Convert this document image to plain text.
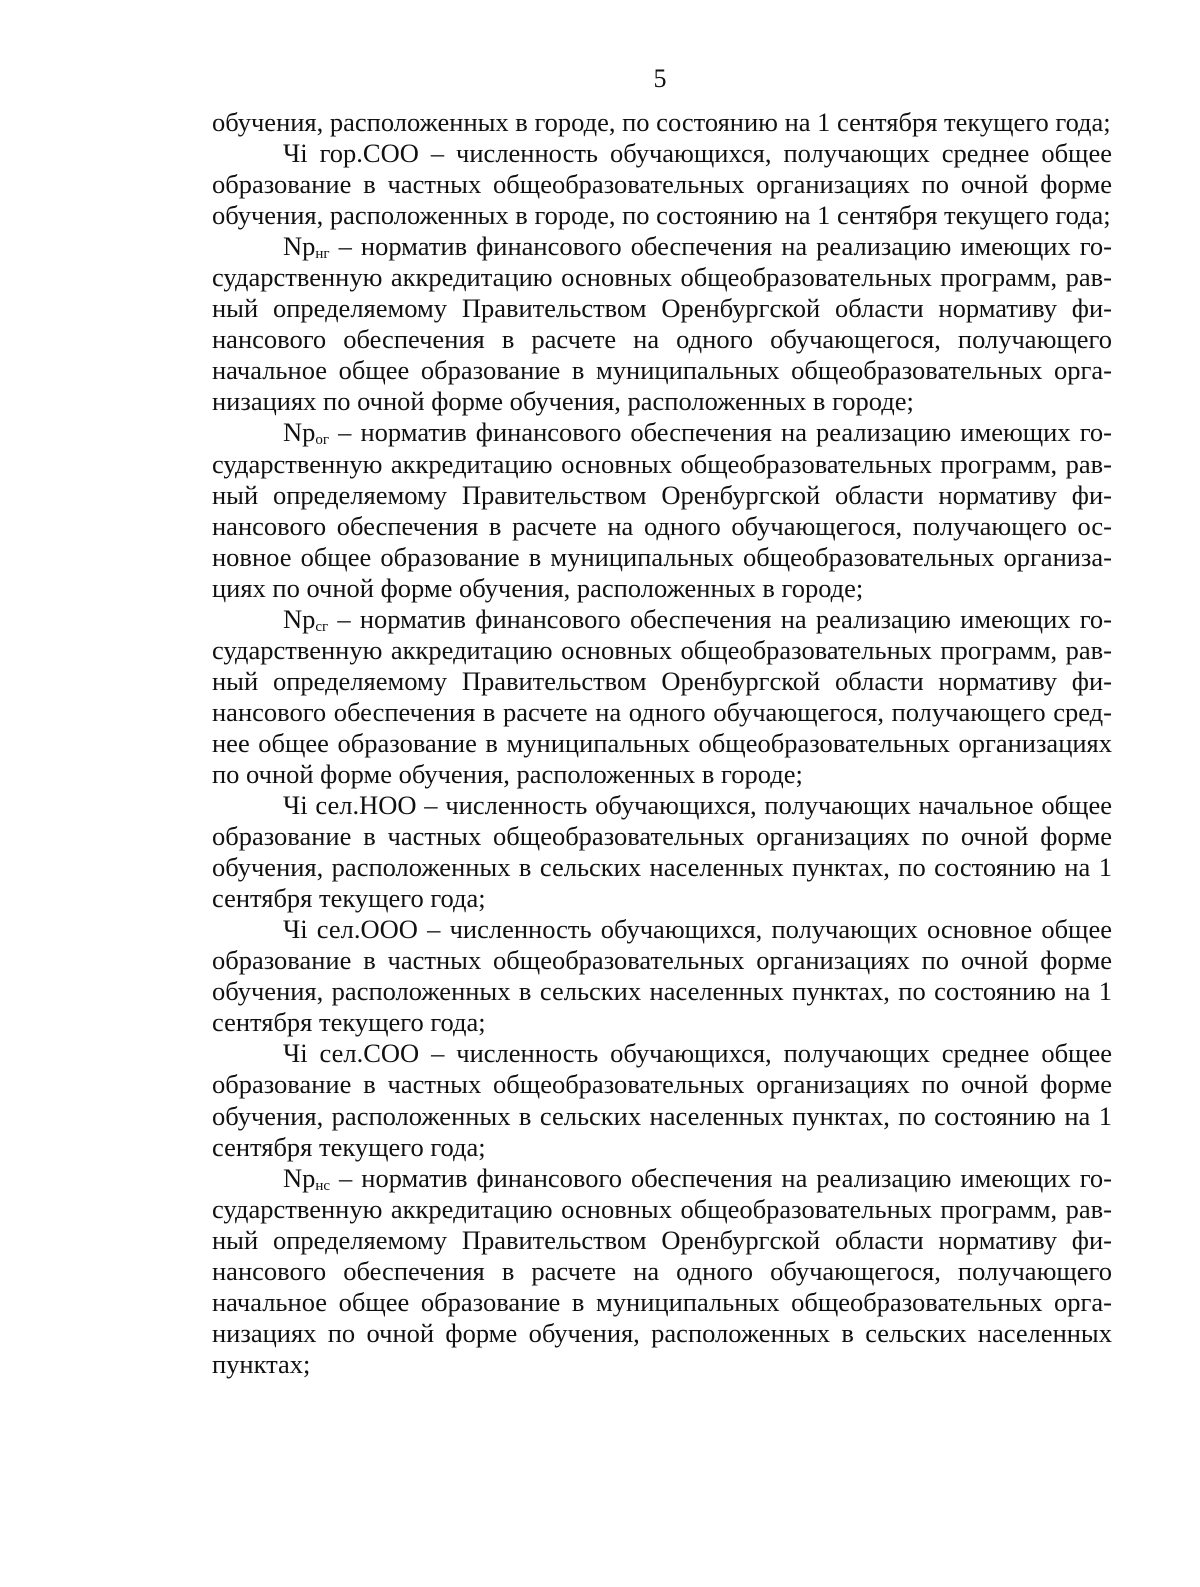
5

обучения, расположенных в городе, по состоянию на 1 сентября текущего года;

Чi гор.СОО – численность обучающихся, получающих среднее общее образование в частных общеобразовательных организациях по очной форме обучения, расположенных в городе, по состоянию на 1 сентября текущего года;

$Np_{нг}$ – норматив финансового обеспечения на реализацию имеющих государственную аккредитацию основных общеобразовательных программ, равный определяемому Правительством Оренбургской области нормативу финансового обеспечения в расчете на одного обучающегося, получающего начальное общее образование в муниципальных общеобразовательных организациях по очной форме обучения, расположенных в городе;

$Np_{ог}$ – норматив финансового обеспечения на реализацию имеющих государственную аккредитацию основных общеобразовательных программ, равный определяемому Правительством Оренбургской области нормативу финансового обеспечения в расчете на одного обучающегося, получающего основное общее образование в муниципальных общеобразовательных организациях по очной форме обучения, расположенных в городе;

$Np_{сг}$ – норматив финансового обеспечения на реализацию имеющих государственную аккредитацию основных общеобразовательных программ, равный определяемому Правительством Оренбургской области нормативу финансового обеспечения в расчете на одного обучающегося, получающего среднее общее образование в муниципальных общеобразовательных организациях по очной форме обучения, расположенных в городе;

Чi сел.НОО – численность обучающихся, получающих начальное общее образование в частных общеобразовательных организациях по очной форме обучения, расположенных в сельских населенных пунктах, по состоянию на 1 сентября текущего года;

Чi сел.ООО – численность обучающихся, получающих основное общее образование в частных общеобразовательных организациях по очной форме обучения, расположенных в сельских населенных пунктах, по состоянию на 1 сентября текущего года;

Чi сел.СОО – численность обучающихся, получающих среднее общее образование в частных общеобразовательных организациях по очной форме обучения, расположенных в сельских населенных пунктах, по состоянию на 1 сентября текущего года;

$Np_{нс}$ – норматив финансового обеспечения на реализацию имеющих государственную аккредитацию основных общеобразовательных программ, равный определяемому Правительством Оренбургской области нормативу финансового обеспечения в расчете на одного обучающегося, получающего начальное общее образование в муниципальных общеобразовательных организациях по очной форме обучения, расположенных в сельских населенных пунктах;
